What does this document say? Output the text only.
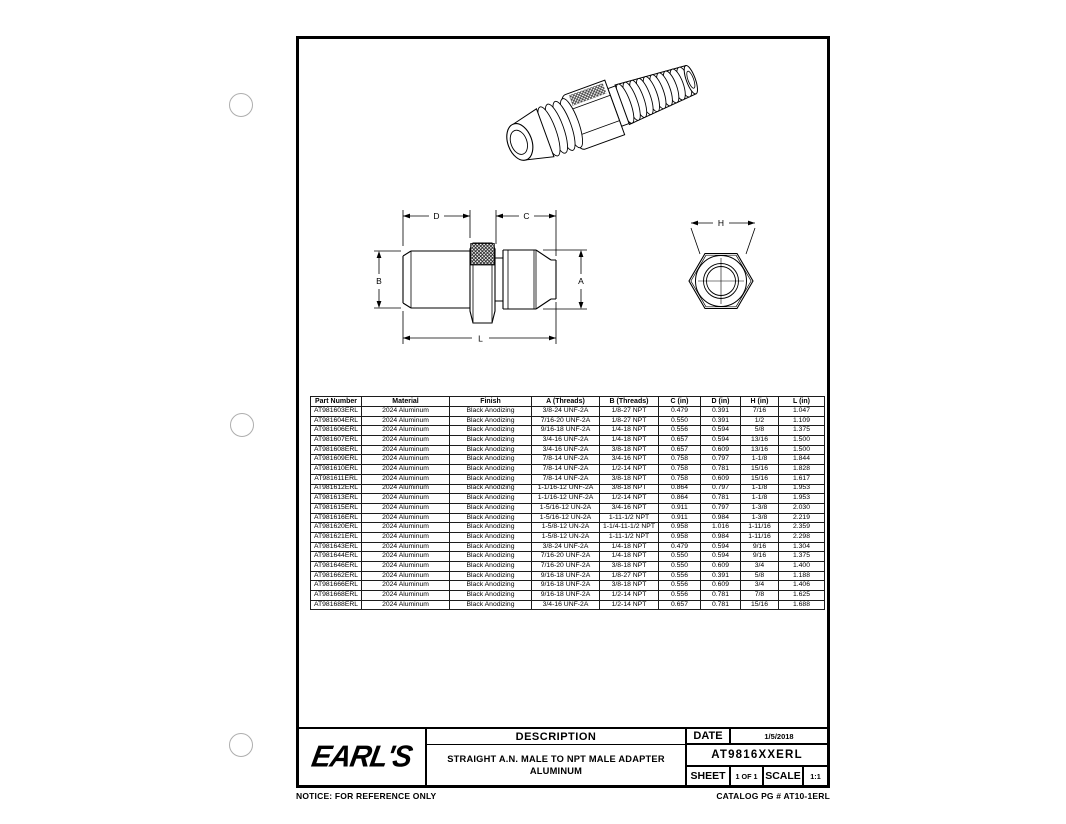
D	C
B	A
L
H
Part Number	Material	Finish	A (Threads)	B (Threads)	C (in)	D (in)	H (in)	L (in)
AT981603ERL	2024 Aluminum	Black Anodizing	3/8-24 UNF-2A	1/8-27 NPT	0.479	0.391	7/16	1.047
AT981604ERL	2024 Aluminum	Black Anodizing	7/16-20 UNF-2A	1/8-27 NPT	0.550	0.391	1/2	1.109
AT981606ERL	2024 Aluminum	Black Anodizing	9/16-18 UNF-2A	1/4-18 NPT	0.556	0.594	5/8	1.375
AT981607ERL	2024 Aluminum	Black Anodizing	3/4-16 UNF-2A	1/4-18 NPT	0.657	0.594	13/16	1.500
AT981608ERL	2024 Aluminum	Black Anodizing	3/4-16 UNF-2A	3/8-18 NPT	0.657	0.609	13/16	1.500
AT981609ERL	2024 Aluminum	Black Anodizing	7/8-14 UNF-2A	3/4-16 NPT	0.758	0.797	1-1/8	1.844
AT981610ERL	2024 Aluminum	Black Anodizing	7/8-14 UNF-2A	1/2-14 NPT	0.758	0.781	15/16	1.828
AT981611ERL	2024 Aluminum	Black Anodizing	7/8-14 UNF-2A	3/8-18 NPT	0.758	0.609	15/16	1.617
AT981612ERL	2024 Aluminum	Black Anodizing	1-1/16-12 UNF-2A	3/8-18 NPT	0.864	0.797	1-1/8	1.953
AT981613ERL	2024 Aluminum	Black Anodizing	1-1/16-12 UNF-2A	1/2-14 NPT	0.864	0.781	1-1/8	1.953
AT981615ERL	2024 Aluminum	Black Anodizing	1-5/16-12 UN-2A	3/4-16 NPT	0.911	0.797	1-3/8	2.030
AT981616ERL	2024 Aluminum	Black Anodizing	1-5/16-12 UN-2A	1-11-1/2 NPT	0.911	0.984	1-3/8	2.219
AT981620ERL	2024 Aluminum	Black Anodizing	1-5/8-12 UN-2A	1-1/4-11-1/2 NPT	0.958	1.016	1-11/16	2.359
AT981621ERL	2024 Aluminum	Black Anodizing	1-5/8-12 UN-2A	1-11-1/2 NPT	0.958	0.984	1-11/16	2.298
AT981643ERL	2024 Aluminum	Black Anodizing	3/8-24 UNF-2A	1/4-18 NPT	0.479	0.594	9/16	1.304
AT981644ERL	2024 Aluminum	Black Anodizing	7/16-20 UNF-2A	1/4-18 NPT	0.550	0.594	9/16	1.375
AT981646ERL	2024 Aluminum	Black Anodizing	7/16-20 UNF-2A	3/8-18 NPT	0.550	0.609	3/4	1.400
AT981662ERL	2024 Aluminum	Black Anodizing	9/16-18 UNF-2A	1/8-27 NPT	0.556	0.391	5/8	1.188
AT981666ERL	2024 Aluminum	Black Anodizing	9/16-18 UNF-2A	3/8-18 NPT	0.556	0.609	3/4	1.406
AT981668ERL	2024 Aluminum	Black Anodizing	9/16-18 UNF-2A	1/2-14 NPT	0.556	0.781	7/8	1.625
AT981688ERL	2024 Aluminum	Black Anodizing	3/4-16 UNF-2A	1/2-14 NPT	0.657	0.781	15/16	1.688
EARL'S
DESCRIPTION
STRAIGHT A.N. MALE TO NPT MALE ADAPTER
ALUMINUM
DATE	1/5/2018
AT9816XXERL
SHEET	1 OF 1 SCALE	1:1
NOTICE: FOR REFERENCE ONLY	CATALOG PG # AT10-1ERL
